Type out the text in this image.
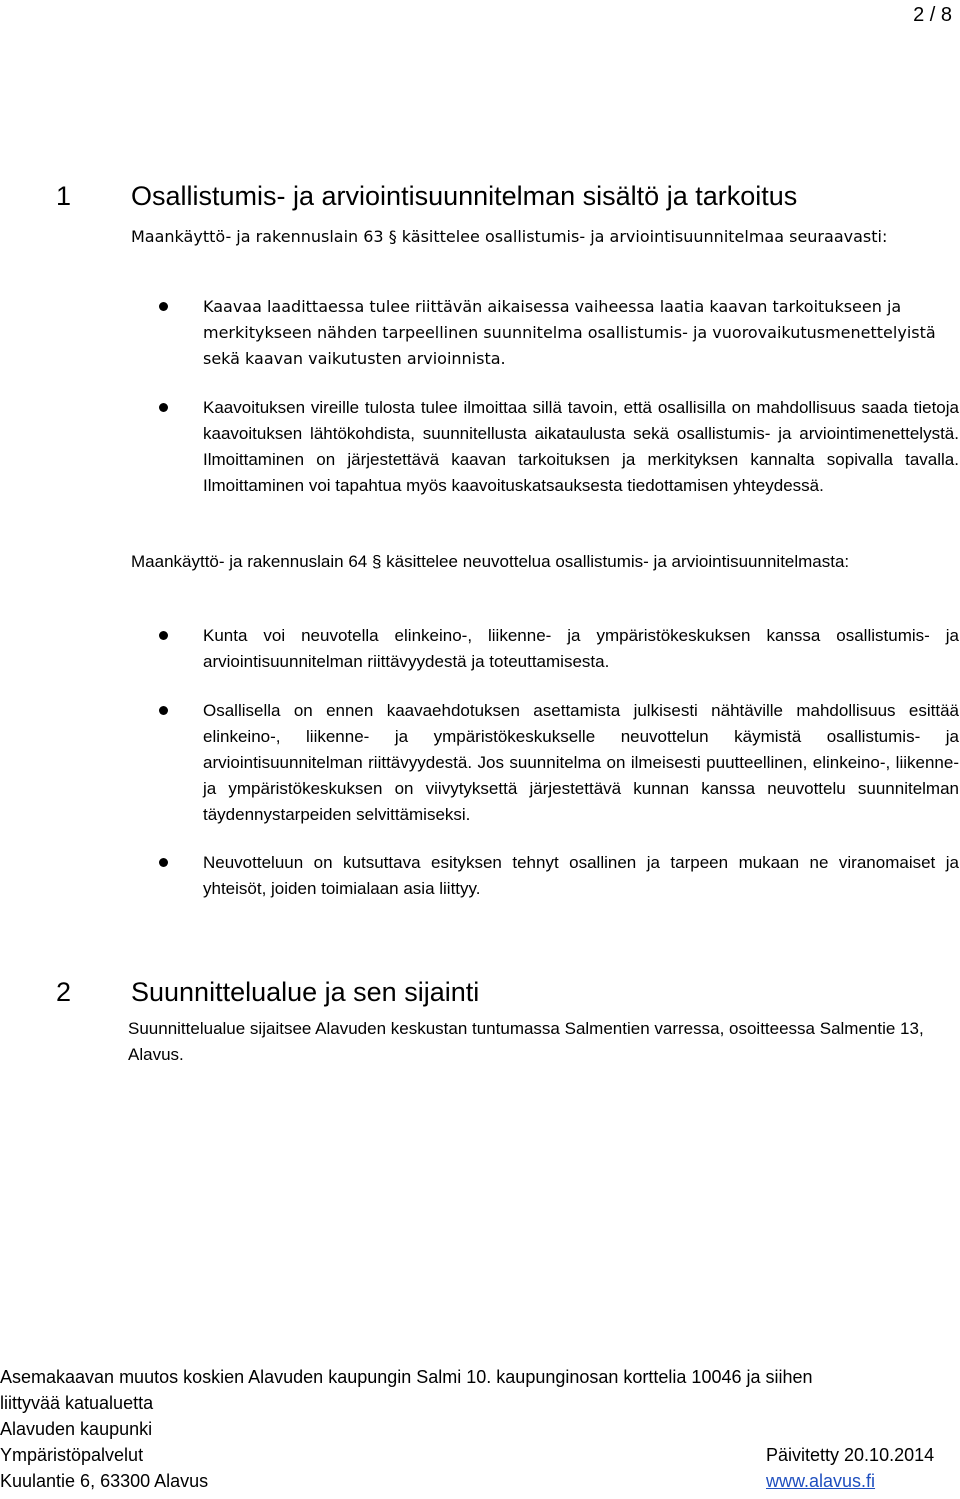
2 / 8
1 Osallistumis- ja arviointisuunnitelman sisältö ja tarkoitus
Maankäyttö- ja rakennuslain 63 § käsittelee osallistumis- ja arviointisuunnitelmaa seuraavasti:
Kaavaa laadittaessa tulee riittävän aikaisessa vaiheessa laatia kaavan tarkoitukseen ja merkitykseen nähden tarpeellinen suunnitelma osallistumis- ja vuorovaikutusmenettelyistä sekä kaavan vaikutusten arvioinnista.
Kaavoituksen vireille tulosta tulee ilmoittaa sillä tavoin, että osallisilla on mahdollisuus saada tietoja kaavoituksen lähtökohdista, suunnitellusta aikataulusta sekä osallistumis- ja arviointimenettelystä. Ilmoittaminen on järjestettävä kaavan tarkoituksen ja merkityksen kannalta sopivalla tavalla. Ilmoittaminen voi tapahtua myös kaavoituskatsauksesta tiedottamisen yhteydessä.
Maankäyttö- ja rakennuslain 64 § käsittelee neuvottelua osallistumis- ja arviointisuunnitelmasta:
Kunta voi neuvotella elinkeino-, liikenne- ja ympäristökeskuksen kanssa osallistumis- ja arviointisuunnitelman riittävyydestä ja toteuttamisesta.
Osallisella on ennen kaavaehdotuksen asettamista julkisesti nähtäville mahdollisuus esittää elinkeino-, liikenne- ja ympäristökeskukselle neuvottelun käymistä osallistumis- ja arviointisuunnitelman riittävyydestä. Jos suunnitelma on ilmeisesti puutteellinen, elinkeino-, liikenne- ja ympäristökeskuksen on viivytyksettä järjestettävä kunnan kanssa neuvottelu suunnitelman täydennystarpeiden selvittämiseksi.
Neuvotteluun on kutsuttava esityksen tehnyt osallinen ja tarpeen mukaan ne viranomaiset ja yhteisöt, joiden toimialaan asia liittyy.
2 Suunnittelualue ja sen sijainti
Suunnittelualue sijaitsee Alavuden keskustan tuntumassa Salmentien varressa, osoitteessa Salmentie 13, Alavus.
Asemakaavan muutos koskien Alavuden kaupungin Salmi 10. kaupunginosan korttelia 10046 ja siihen
liittyvää katualuetta
Alavuden kaupunki
Ympäristöpalvelut	Päivitetty 20.10.2014
Kuulantie 6, 63300 Alavus	www.alavus.fi
